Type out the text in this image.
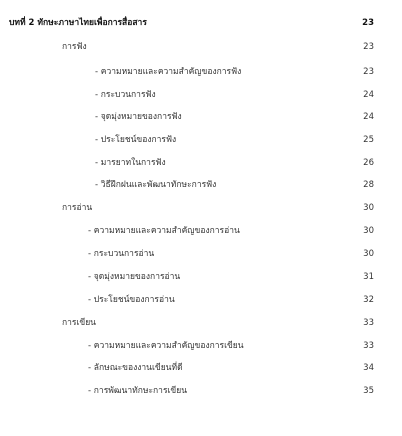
บทที่ 2 ทักษะภาษาไทยเพื่อการสื่อสาร	23
การฟัง	23
- ความหมายและความสำคัญของการฟัง	23
- กระบวนการฟัง	24
- จุดมุ่งหมายของการฟัง	24
- ประโยชน์ของการฟัง	25
- มารยาทในการฟัง	26
- วิธีฝึกฝนและพัฒนาทักษะการฟัง	28
การอ่าน	30
- ความหมายและความสำคัญของการอ่าน	30
- กระบวนการอ่าน	30
- จุดมุ่งหมายของการอ่าน	31
- ประโยชน์ของการอ่าน	32
การเขียน	33
- ความหมายและความสำคัญของการเขียน	33
- ลักษณะของงานเขียนที่ดี	34
- การพัฒนาทักษะการเขียน	35
